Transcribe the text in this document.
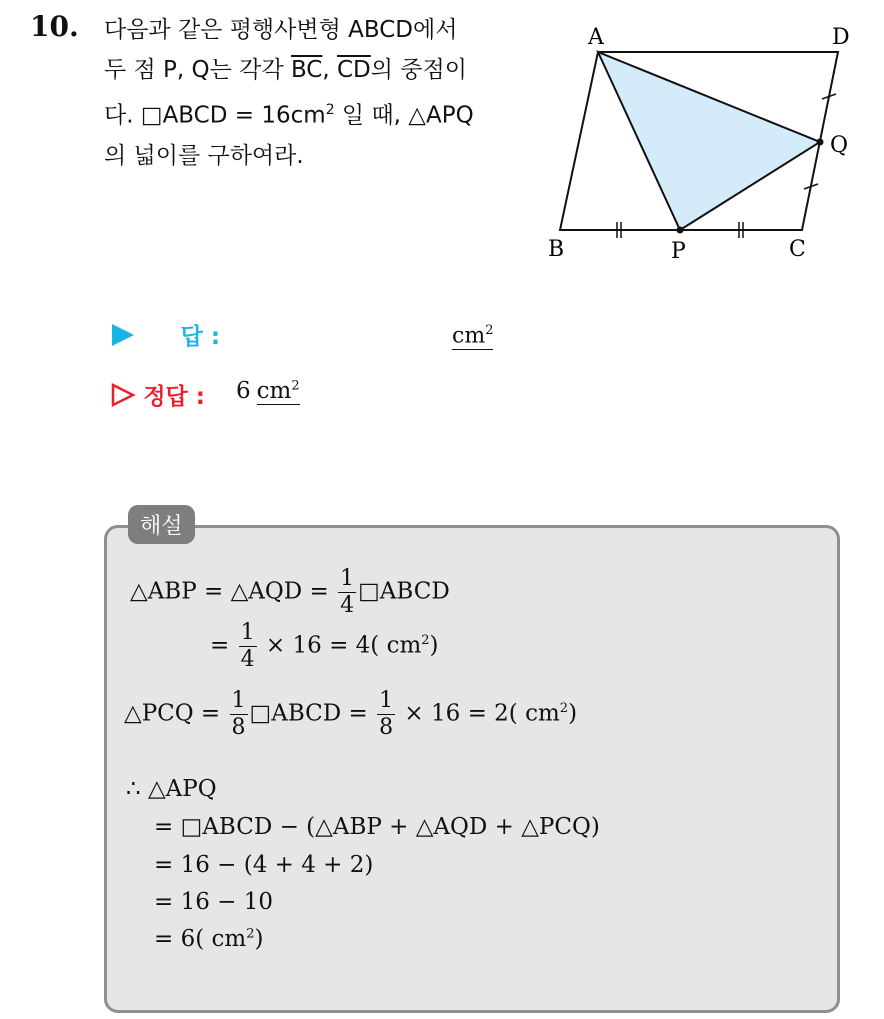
10. 다음과 같은 평행사변형 ABCD에서
두 점 P, Q는 각각 $\overline{BC}$, $\overline{CD}$의 중점이
다. □ABCD = $16cm^2$ 일 때, △APQ
의 넓이를 구하여라.
A	D
B	C
P
Q
답 :	$cm^2$
정답 : 6 $cm^2$
해설
△ABP = △AQD = $\frac{1}{4}$ □ABCD
= $\frac{1}{4} \times 16 = 4$( $cm^2$)
△PCQ = $\frac{1}{8}$ □ABCD = $\frac{1}{8} \times 16 = 2$( $cm^2$)
∴ △APQ
= □ABCD − (△ABP + △AQD + △PCQ)
= 16 − (4 + 4 + 2)
= 16 − 10
= 6( $cm^2$)
